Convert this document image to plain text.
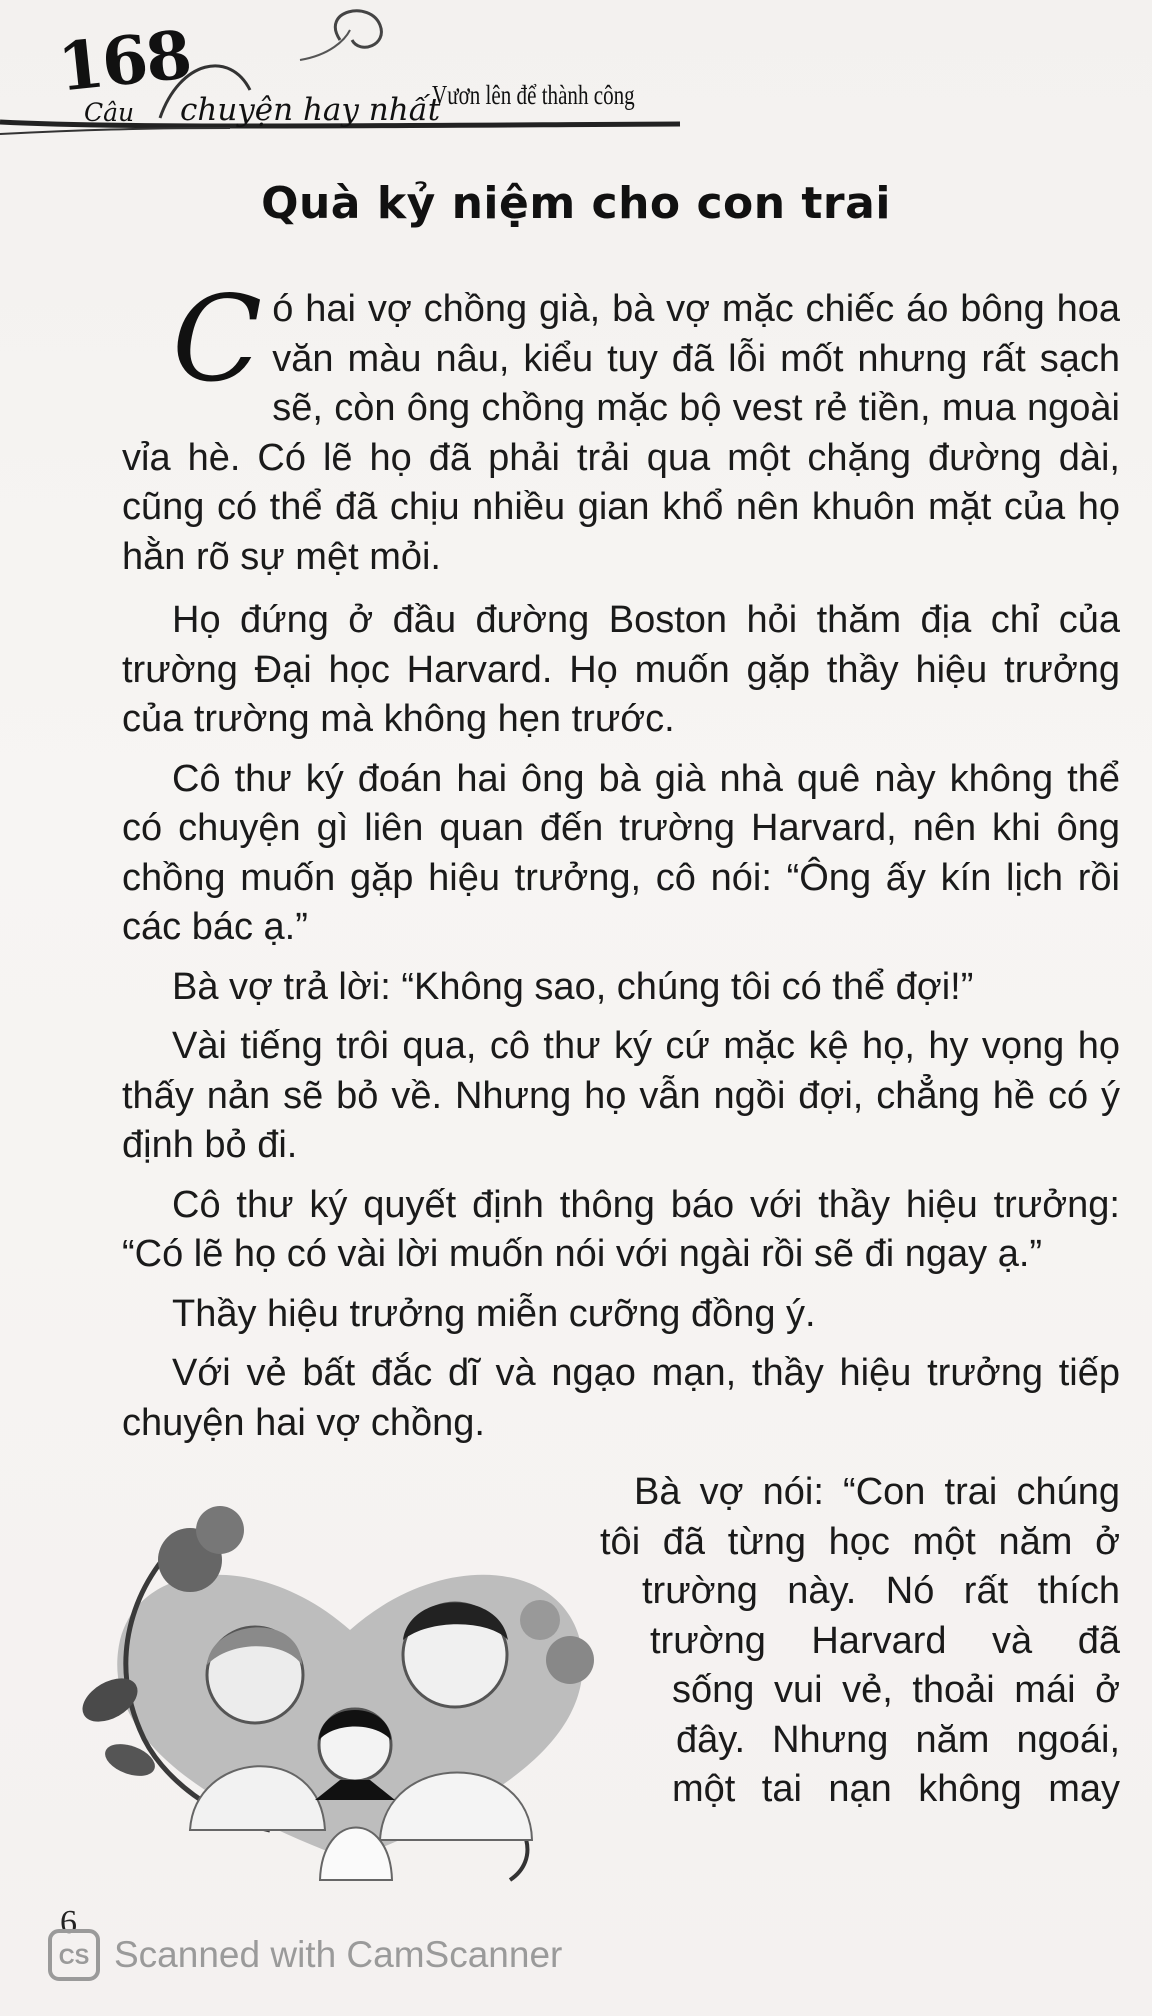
168
Câu chuyện hay nhất
Vươn lên để thành công
Quà kỷ niệm cho con trai

Có hai vợ chồng già, bà vợ mặc chiếc áo bông hoa văn màu nâu, kiểu tuy đã lỗi mốt nhưng rất sạch sẽ, còn ông chồng mặc bộ vest rẻ tiền, mua ngoài vỉa hè. Có lẽ họ đã phải trải qua một chặng đường dài, cũng có thể đã chịu nhiều gian khổ nên khuôn mặt của họ hằn rõ sự mệt mỏi.

Họ đứng ở đầu đường Boston hỏi thăm địa chỉ của trường Đại học Harvard. Họ muốn gặp thầy hiệu trưởng của trường mà không hẹn trước.

Cô thư ký đoán hai ông bà già nhà quê này không thể có chuyện gì liên quan đến trường Harvard, nên khi ông chồng muốn gặp hiệu trưởng, cô nói: “Ông ấy kín lịch rồi các bác ạ.”

Bà vợ trả lời: “Không sao, chúng tôi có thể đợi!”

Vài tiếng trôi qua, cô thư ký cứ mặc kệ họ, hy vọng họ thấy nản sẽ bỏ về. Nhưng họ vẫn ngồi đợi, chẳng hề có ý định bỏ đi.

Cô thư ký quyết định thông báo với thầy hiệu trưởng: “Có lẽ họ có vài lời muốn nói với ngài rồi sẽ đi ngay ạ.”

Thầy hiệu trưởng miễn cưỡng đồng ý.

Với vẻ bất đắc dĩ và ngạo mạn, thầy hiệu trưởng tiếp chuyện hai vợ chồng.

Bà vợ nói: “Con trai chúng
tôi đã từng học một năm ở
trường này. Nó rất thích
trường Harvard và đã
sống vui vẻ, thoải mái ở
đây. Nhưng năm ngoái,
một tai nạn không may
6
CS Scanned with CamScanner
